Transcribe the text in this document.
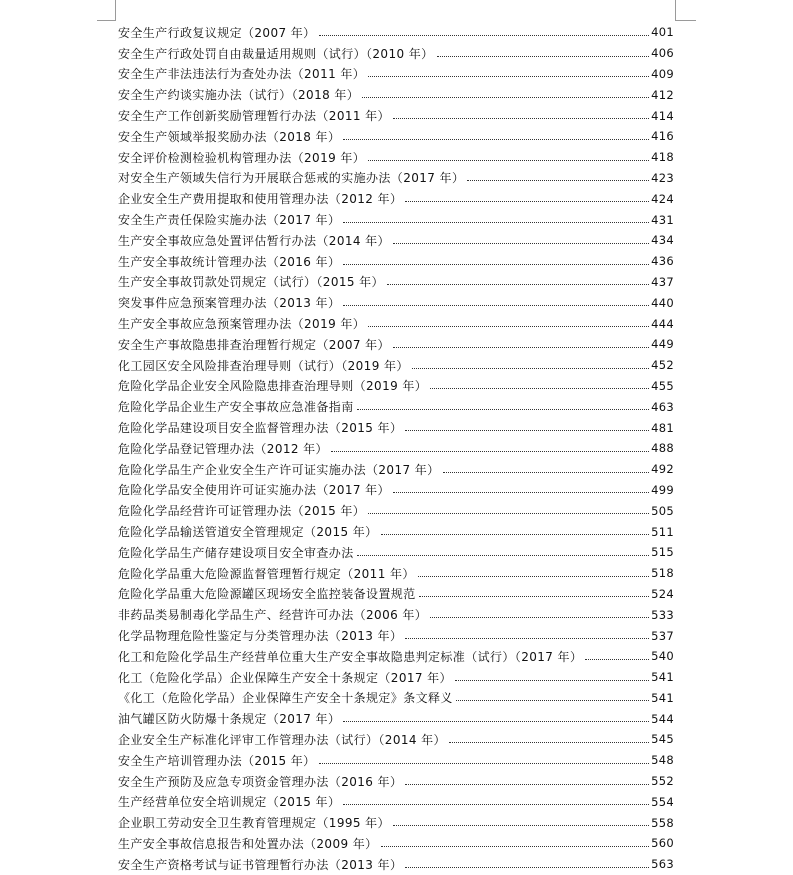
安全生产行政复议规定（2007 年）	401
安全生产行政处罚自由裁量适用规则（试行）（2010 年）	406
安全生产非法违法行为查处办法（2011 年）	409
安全生产约谈实施办法（试行）（2018 年）	412
安全生产工作创新奖励管理暂行办法（2011 年）	414
安全生产领域举报奖励办法（2018 年）	416
安全评价检测检验机构管理办法（2019 年）	418
对安全生产领域失信行为开展联合惩戒的实施办法（2017 年）	423
企业安全生产费用提取和使用管理办法（2012 年）	424
安全生产责任保险实施办法（2017 年）	431
生产安全事故应急处置评估暂行办法（2014 年）	434
生产安全事故统计管理办法（2016 年）	436
生产安全事故罚款处罚规定（试行）（2015 年）	437
突发事件应急预案管理办法（2013 年）	440
生产安全事故应急预案管理办法（2019 年）	444
安全生产事故隐患排查治理暂行规定（2007 年）	449
化工园区安全风险排查治理导则（试行）（2019 年）	452
危险化学品企业安全风险隐患排查治理导则（2019 年）	455
危险化学品企业生产安全事故应急准备指南	463
危险化学品建设项目安全监督管理办法（2015 年）	481
危险化学品登记管理办法（2012 年）	488
危险化学品生产企业安全生产许可证实施办法（2017 年）	492
危险化学品安全使用许可证实施办法（2017 年）	499
危险化学品经营许可证管理办法（2015 年）	505
危险化学品输送管道安全管理规定（2015 年）	511
危险化学品生产储存建设项目安全审查办法	515
危险化学品重大危险源监督管理暂行规定（2011 年）	518
危险化学品重大危险源罐区现场安全监控装备设置规范	524
非药品类易制毒化学品生产、经营许可办法（2006 年）	533
化学品物理危险性鉴定与分类管理办法（2013 年）	537
化工和危险化学品生产经营单位重大生产安全事故隐患判定标准（试行）（2017 年）	540
化工（危险化学品）企业保障生产安全十条规定（2017 年）	541
《化工（危险化学品）企业保障生产安全十条规定》条文释义	541
油气罐区防火防爆十条规定（2017 年）	544
企业安全生产标准化评审工作管理办法（试行）（2014 年）	545
安全生产培训管理办法（2015 年）	548
安全生产预防及应急专项资金管理办法（2016 年）	552
生产经营单位安全培训规定（2015 年）	554
企业职工劳动安全卫生教育管理规定（1995 年）	558
生产安全事故信息报告和处置办法（2009 年）	560
安全生产资格考试与证书管理暂行办法（2013 年）	563
